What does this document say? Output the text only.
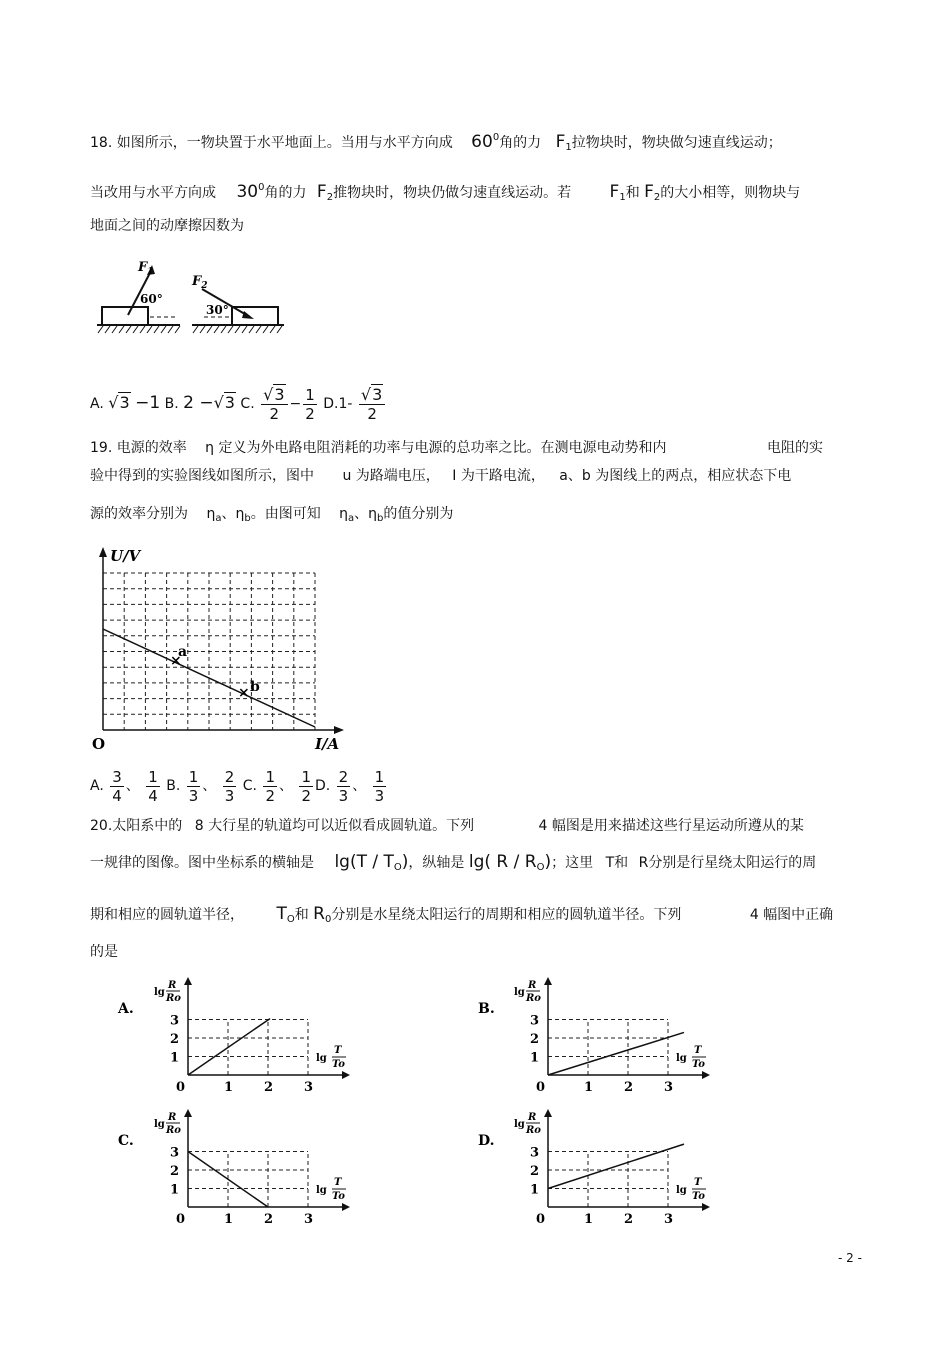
18. 如图所示，一物块置于水平地面上。当用与水平方向成 $60^0$角的力 $F_1$拉物块时，物块做匀速直线运动；
当改用与水平方向成 $30^0$角的力 $F_2$推物块时，物块仍做匀速直线运动。若 $F_1$和 $F_2$的大小相等，则物块与
地面之间的动摩擦因数为
$F_1$
60°
$F_2$
30°
A. √3 −1 B. 2 −√3 C. $\frac{√3}{2} - \frac{1}{2} D.1- \frac{√3}{2}$
19. 电源的效率 η 定义为外电路电阻消耗的功率与电源的总功率之比。在测电源电动势和内	电阻的实
验中得到的实验图线如图所示，图中 u 为路端电压， I 为干路电流， a、b 为图线上的两点，相应状态下电
源的效率分别为 $\eta_a$、$\eta_b$。由图可知 $\eta_a$、$\eta_b$的值分别为
×
×
a
b
U/V
O	I/A
A. $\frac{3}{4}$ 、 $\frac{1}{4} B$. $\frac{1}{3}$ 、 $\frac{2}{3} C$. $\frac{1}{2}$ 、 $\frac{1}{2} D$. $\frac{2}{3}$ 、 $\frac{1}{3}$
20.太阳系中的 8 大行星的轨道均可以近似看成圆轨道。下列	4 幅图是用来描述这些行星运动所遵从的某
一规律的图像。图中坐标系的横轴是 $\lg(T / T_O)$，纵轴是 lg( R / $R_O$)；这里 T和 R分别是行星绕太阳运行的周
期和相应的圆轨道半径， $T_O$和 $R_0$分别是水星绕太阳运行的周期和相应的圆轨道半径。下列	4 幅图中正确
的是
A.
0	1
1
2
2
3
3
lg
R
Ro
lg
T
To
B.
0	1
1
2
2
3
3
lg
R
Ro
lg
T
To
C.
0	1
1
2
2
3
3
lg
R
Ro
lg
T
To
D.
0	1
1
2
2
3
3
lg
R
Ro
lg
T
To
- 2 -
